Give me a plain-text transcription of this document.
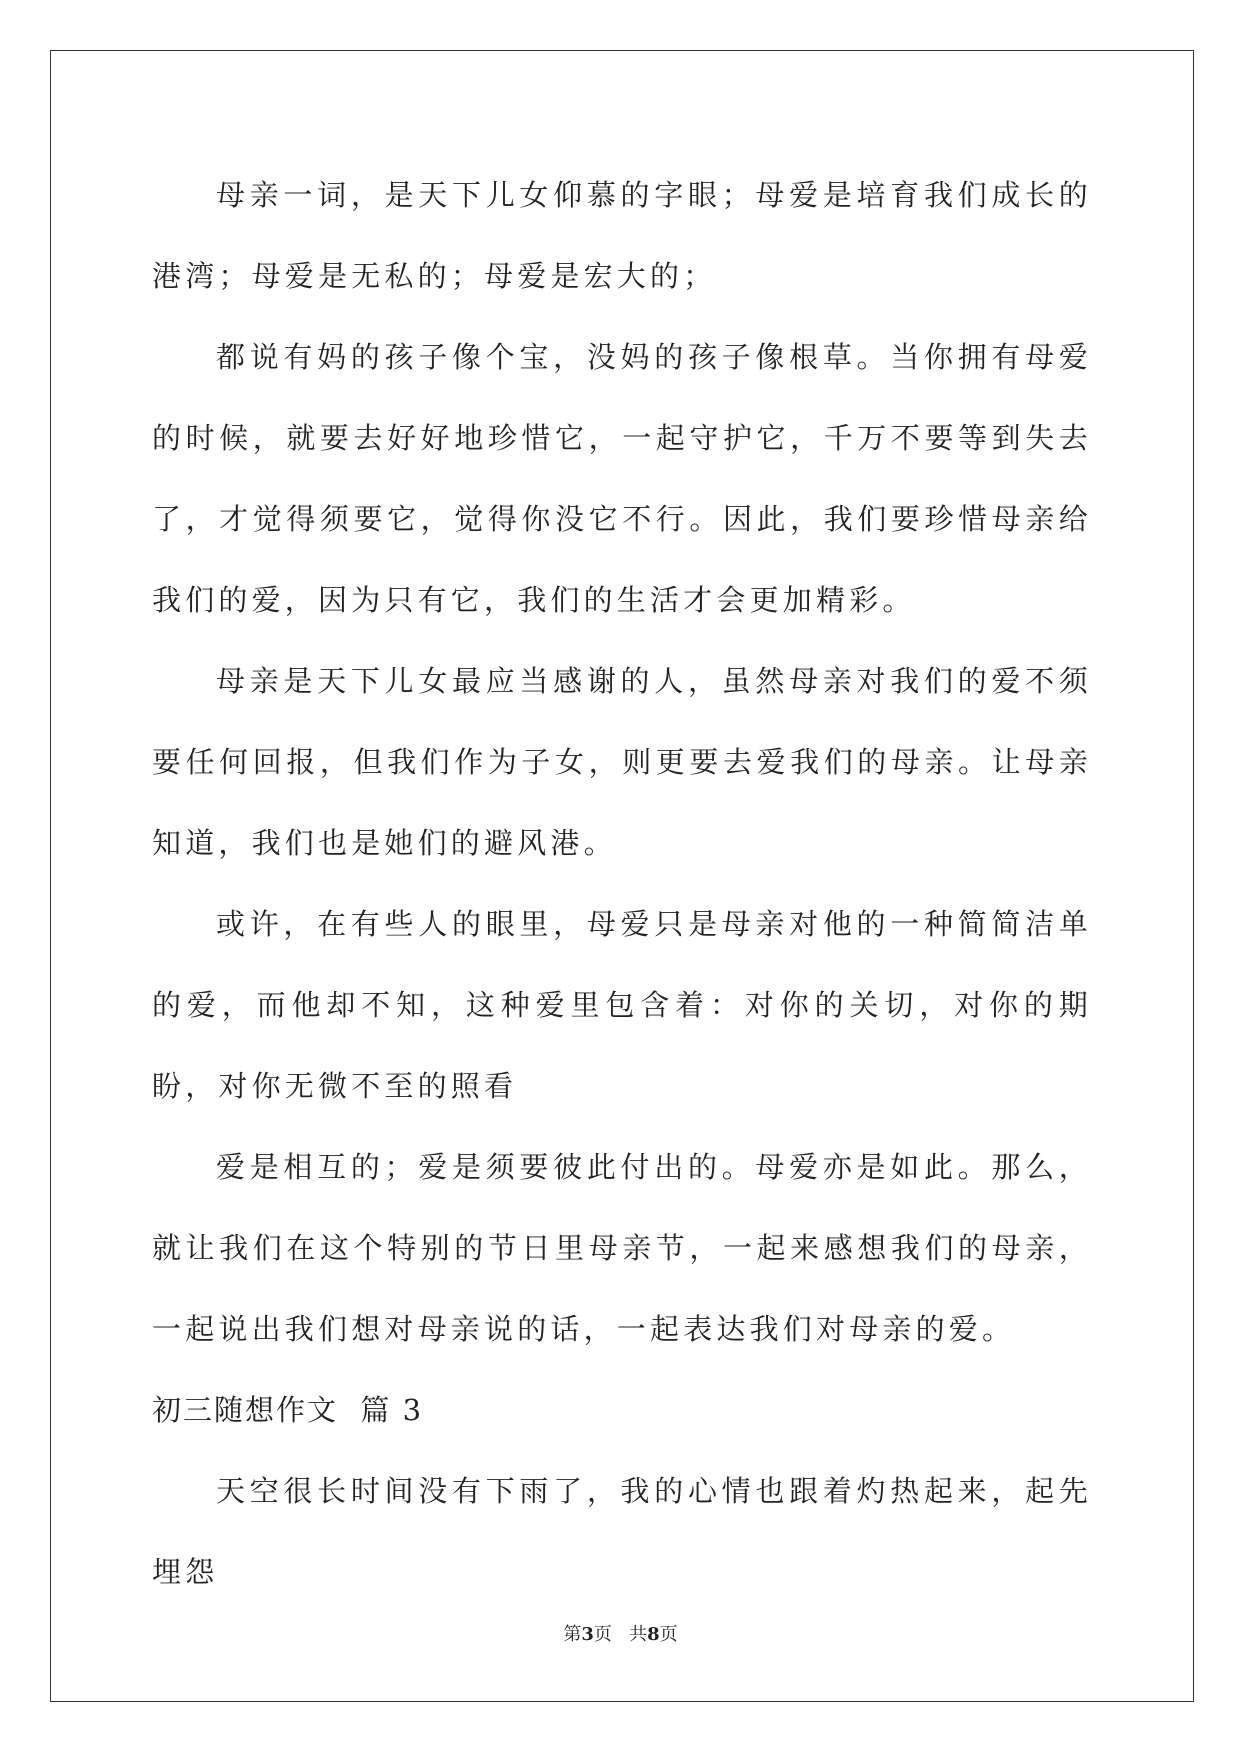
母亲一词，是天下儿女仰慕的字眼；母爱是培育我们成长的港湾；母爱是无私的；母爱是宏大的；

都说有妈的孩子像个宝，没妈的孩子像根草。当你拥有母爱的时候，就要去好好地珍惜它，一起守护它，千万不要等到失去了，才觉得须要它，觉得你没它不行。因此，我们要珍惜母亲给我们的爱，因为只有它，我们的生活才会更加精彩。

母亲是天下儿女最应当感谢的人，虽然母亲对我们的爱不须要任何回报，但我们作为子女，则更要去爱我们的母亲。让母亲知道，我们也是她们的避风港。

或许，在有些人的眼里，母爱只是母亲对他的一种简简洁单的爱，而他却不知，这种爱里包含着：对你的关切，对你的期盼，对你无微不至的照看

爱是相互的；爱是须要彼此付出的。母爱亦是如此。那么，就让我们在这个特别的节日里母亲节，一起来感想我们的母亲，一起说出我们想对母亲说的话，一起表达我们对母亲的爱。

初三随想作文  篇 3

天空很长时间没有下雨了，我的心情也跟着灼热起来，起先埋怨

第3页 共8页
